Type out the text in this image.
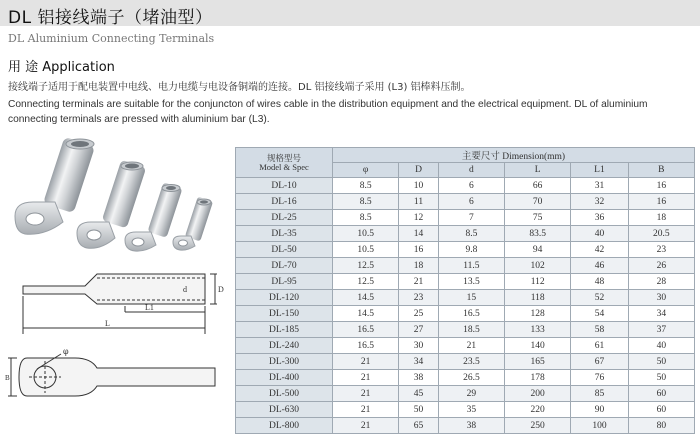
DL 铝接线端子（堵油型）
DL Aluminium Connecting Terminals
用 途 Application
接线端子适用于配电装置中电线、电力电缆与电设备铜端的连接。DL 铝接线端子采用 (L3) 铝棒料压制。
Connecting terminals are suitable for the conjuncton of wires cable in the distribution equipment and the electrical equipment. DL of aluminium connecting terminals are pressed with aluminium bar (L3).
d	D
L1
L
φ
B
规格型号
Model & Spec	主要尺寸 Dimension(mm)					
	φ	D	d	L	L1	B
DL-10	8.5	10	6	66	31	16
DL-16	8.5	11	6	70	32	16
DL-25	8.5	12	7	75	36	18
DL-35	10.5	14	8.5	83.5	40	20.5
DL-50	10.5	16	9.8	94	42	23
DL-70	12.5	18	11.5	102	46	26
DL-95	12.5	21	13.5	112	48	28
DL-120	14.5	23	15	118	52	30
DL-150	14.5	25	16.5	128	54	34
DL-185	16.5	27	18.5	133	58	37
DL-240	16.5	30	21	140	61	40
DL-300	21	34	23.5	165	67	50
DL-400	21	38	26.5	178	76	50
DL-500	21	45	29	200	85	60
DL-630	21	50	35	220	90	60
DL-800	21	65	38	250	100	80
